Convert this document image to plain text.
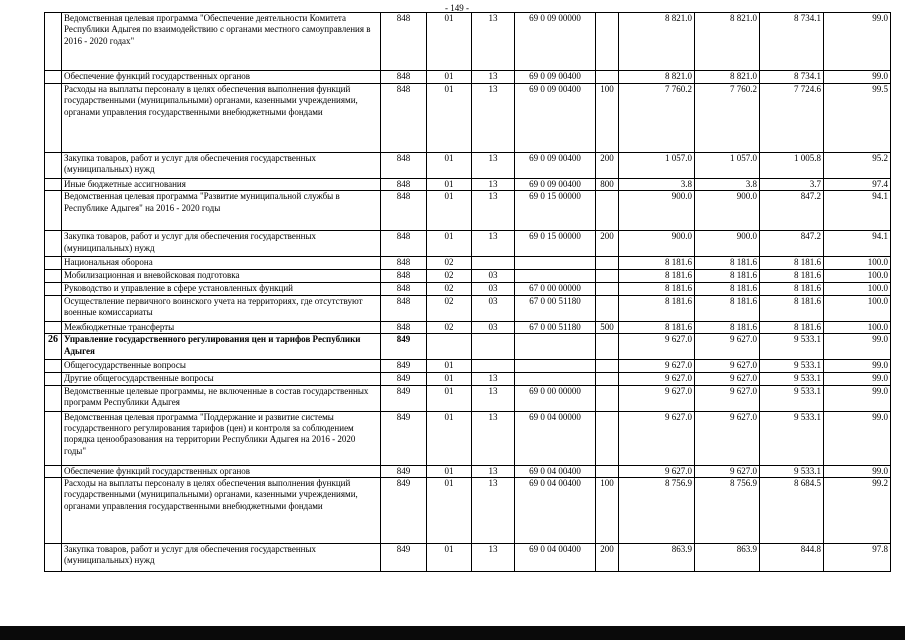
- 149 -
	Ведомственная целевая программа "Обеспечение деятельности Комитета Республики Адыгея по взаимодействию с органами местного самоуправления в 2016 - 2020 годах"	848	01	13	69 0 09 00000		8 821.0	8 821.0	8 734.1	99.0
	Обеспечение функций государственных органов	848	01	13	69 0 09 00400		8 821.0	8 821.0	8 734.1	99.0
	Расходы на выплаты персоналу в целях обеспечения выполнения функций государственными (муниципальными) органами, казенными учреждениями, органами управления государственными внебюджетными фондами	848	01	13	69 0 09 00400	100	7 760.2	7 760.2	7 724.6	99.5
	Закупка товаров, работ и услуг для обеспечения государственных (муниципальных) нужд	848	01	13	69 0 09 00400	200	1 057.0	1 057.0	1 005.8	95.2
	Иные бюджетные ассигнования	848	01	13	69 0 09 00400	800	3.8	3.8	3.7	97.4
	Ведомственная целевая программа "Развитие муниципальной службы в Республике Адыгея" на 2016 - 2020 годы	848	01	13	69 0 15 00000		900.0	900.0	847.2	94.1
	Закупка товаров, работ и услуг для обеспечения государственных (муниципальных) нужд	848	01	13	69 0 15 00000	200	900.0	900.0	847.2	94.1
	Национальная оборона	848	02				8 181.6	8 181.6	8 181.6	100.0
	Мобилизационная и вневойсковая подготовка	848	02	03			8 181.6	8 181.6	8 181.6	100.0
	Руководство и управление в сфере установленных функций	848	02	03	67 0 00 00000		8 181.6	8 181.6	8 181.6	100.0
	Осуществление первичного воинского учета на территориях, где отсутствуют военные комиссариаты	848	02	03	67 0 00 51180		8 181.6	8 181.6	8 181.6	100.0
	Межбюджетные трансферты	848	02	03	67 0 00 51180	500	8 181.6	8 181.6	8 181.6	100.0
26	Управление государственного регулирования цен и тарифов Республики Адыгея	849					9 627.0	9 627.0	9 533.1	99.0
	Общегосударственные вопросы	849	01				9 627.0	9 627.0	9 533.1	99.0
	Другие общегосударственные вопросы	849	01	13			9 627.0	9 627.0	9 533.1	99.0
	Ведомственные целевые программы, не включенные в состав государственных программ Республики Адыгея	849	01	13	69 0 00 00000		9 627.0	9 627.0	9 533.1	99.0
	Ведомственная целевая программа "Поддержание и развитие системы государственного регулирования тарифов (цен) и контроля за соблюдением порядка ценообразования на территории Республики Адыгея на 2016 - 2020 годы"	849	01	13	69 0 04 00000		9 627.0	9 627.0	9 533.1	99.0
	Обеспечение функций государственных органов	849	01	13	69 0 04 00400		9 627.0	9 627.0	9 533.1	99.0
	Расходы на выплаты персоналу в целях обеспечения выполнения функций государственными (муниципальными) органами, казенными учреждениями, органами управления государственными внебюджетными фондами	849	01	13	69 0 04 00400	100	8 756.9	8 756.9	8 684.5	99.2
	Закупка товаров, работ и услуг для обеспечения государственных (муниципальных) нужд	849	01	13	69 0 04 00400	200	863.9	863.9	844.8	97.8
